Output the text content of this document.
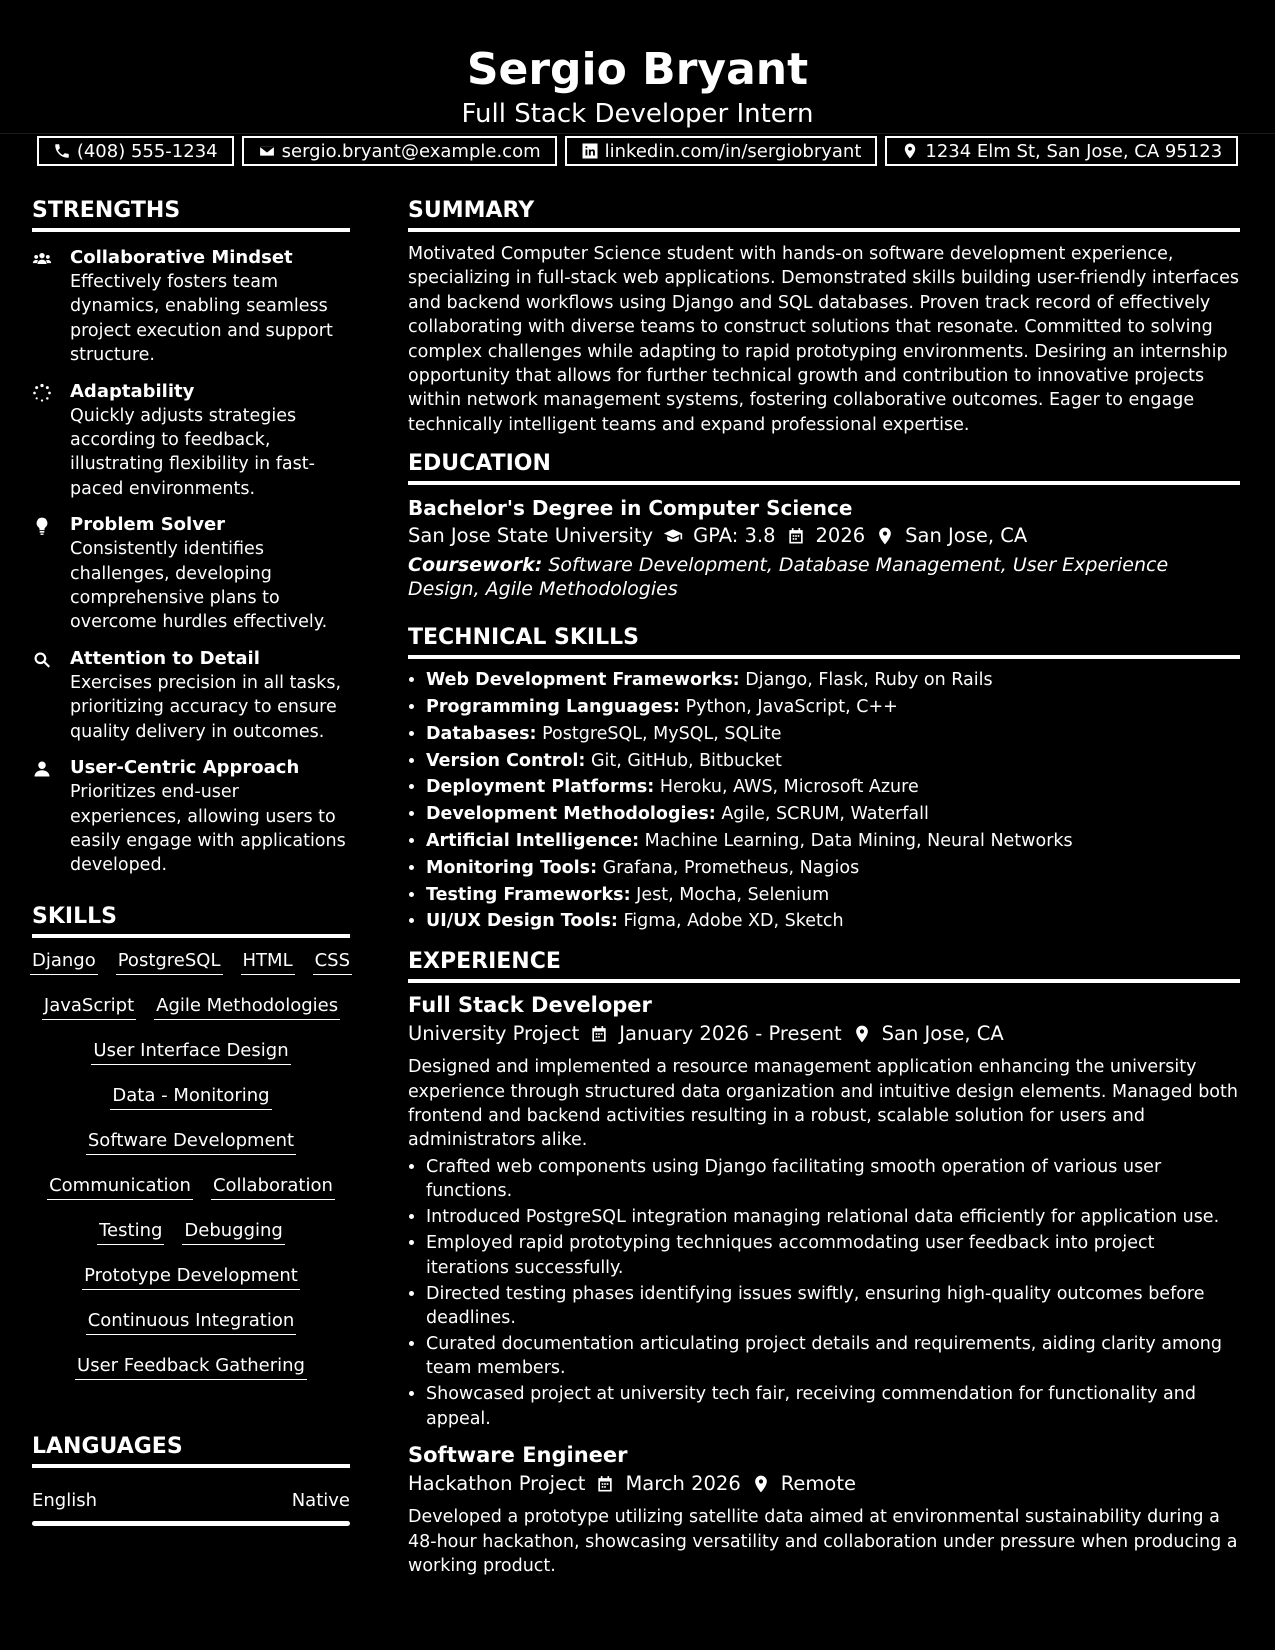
Sergio Bryant
Full Stack Developer Intern
(408) 555-1234	sergio.bryant@example.com	linkedin.com/in/sergiobryant	1234 Elm St, San Jose, CA 95123
STRENGTHS
Collaborative Mindset
Effectively fosters team dynamics, enabling seamless project execution and support structure.
Adaptability
Quickly adjusts strategies according to feedback, illustrating flexibility in fast-paced environments.
Problem Solver
Consistently identifies challenges, developing comprehensive plans to overcome hurdles effectively.
Attention to Detail
Exercises precision in all tasks, prioritizing accuracy to ensure quality delivery in outcomes.
User-Centric Approach
Prioritizes end-user experiences, allowing users to easily engage with applications developed.
SKILLS
Django PostgreSQL HTML CSS
JavaScript Agile Methodologies
User Interface Design
Data - Monitoring
Software Development
Communication Collaboration
Testing Debugging
Prototype Development
Continuous Integration
User Feedback Gathering
LANGUAGES
English	Native
SUMMARY

Motivated Computer Science student with hands-on software development experience, specializing in full-stack web applications. Demonstrated skills building user-friendly interfaces and backend workflows using Django and SQL databases. Proven track record of effectively collaborating with diverse teams to construct solutions that resonate. Committed to solving complex challenges while adapting to rapid prototyping environments. Desiring an internship opportunity that allows for further technical growth and contribution to innovative projects within network management systems, fostering collaborative outcomes. Eager to engage technically intelligent teams and expand professional expertise.

EDUCATION
Bachelor's Degree in Computer Science
San Jose State University GPA: 3.8 2026 San Jose, CA
Coursework: Software Development, Database Management, User Experience Design, Agile Methodologies
TECHNICAL SKILLS
• Web Development Frameworks: Django, Flask, Ruby on Rails
• Programming Languages: Python, JavaScript, C++
• Databases: PostgreSQL, MySQL, SQLite
• Version Control: Git, GitHub, Bitbucket
• Deployment Platforms: Heroku, AWS, Microsoft Azure
• Development Methodologies: Agile, SCRUM, Waterfall
• Artificial Intelligence: Machine Learning, Data Mining, Neural Networks
• Monitoring Tools: Grafana, Prometheus, Nagios
• Testing Frameworks: Jest, Mocha, Selenium
• UI/UX Design Tools: Figma, Adobe XD, Sketch
EXPERIENCE
Full Stack Developer
University Project January 2026 - Present San Jose, CA

Designed and implemented a resource management application enhancing the university experience through structured data organization and intuitive design elements. Managed both frontend and backend activities resulting in a robust, scalable solution for users and administrators alike.

• Crafted web components using Django facilitating smooth operation of various user functions.
• Introduced PostgreSQL integration managing relational data efficiently for application use.
• Employed rapid prototyping techniques accommodating user feedback into project iterations successfully.
• Directed testing phases identifying issues swiftly, ensuring high-quality outcomes before deadlines.
• Curated documentation articulating project details and requirements, aiding clarity among team members.
• Showcased project at university tech fair, receiving commendation for functionality and appeal.
Software Engineer
Hackathon Project March 2026 Remote

Developed a prototype utilizing satellite data aimed at environmental sustainability during a 48-hour hackathon, showcasing versatility and collaboration under pressure when producing a working product.
